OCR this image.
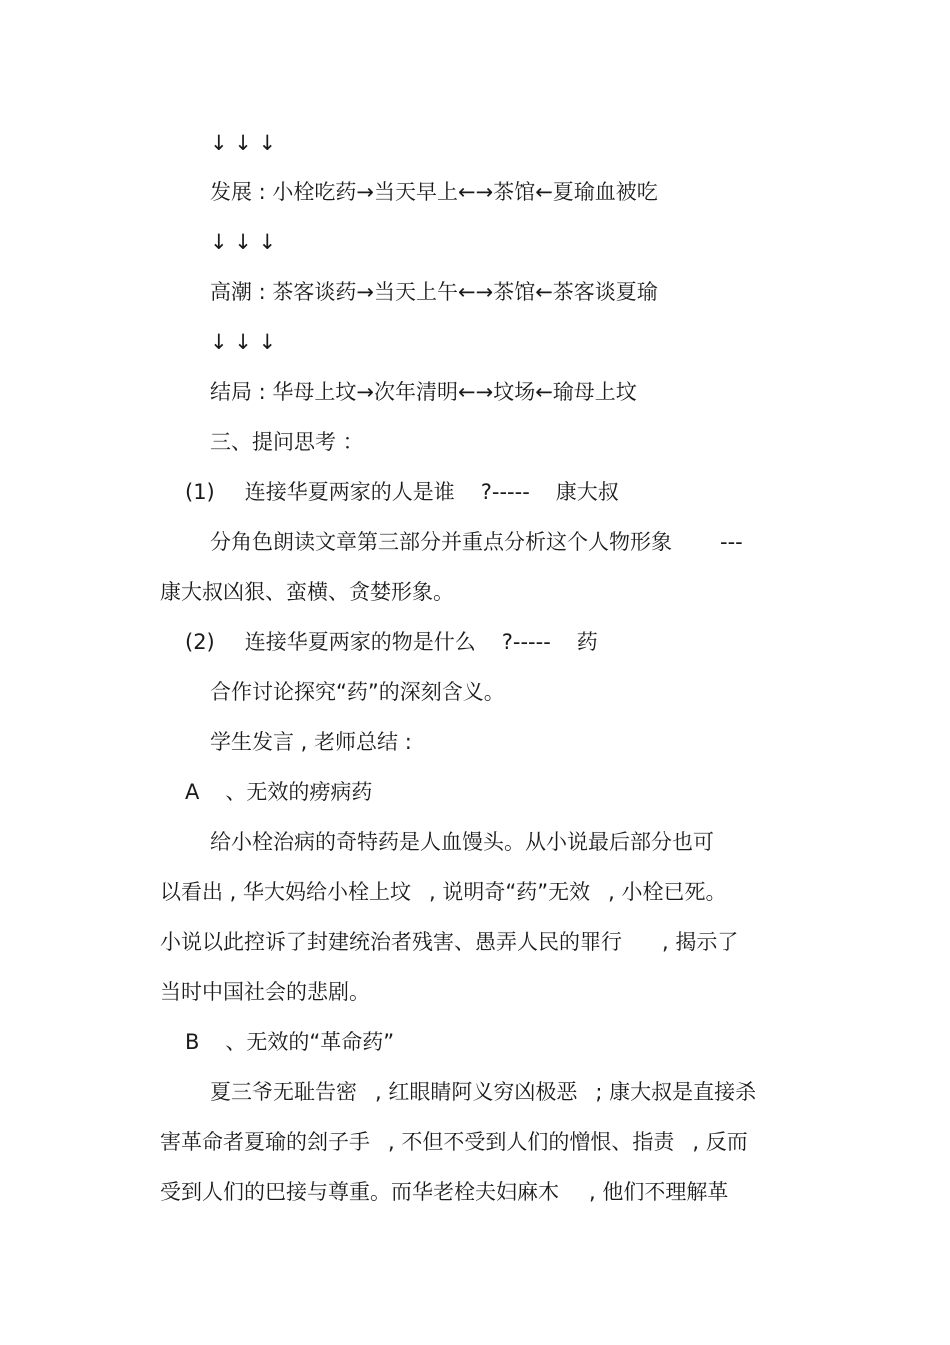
↓ ↓ ↓
发展 : 小栓吃药→当天早上←→茶馆←夏瑜血被吃
↓ ↓ ↓
高潮 : 茶客谈药→当天上午←→茶馆←茶客谈夏瑜
↓ ↓ ↓
结局 : 华母上坟→次年清明←→坟场←瑜母上坟
三、提问思考 ：
(1) 连接华夏两家的人是谁 ?----- 康大叔
分角色朗读文章第三部分并重点分析这个人物形象 ---
康大叔凶狠、蛮横、贪婪形象。
(2) 连接华夏两家的物是什么 ?----- 药
合作讨论探究“药”的深刻含义。
学生发言 , 老师总结 :
A 、无效的痨病药
给小栓治病的奇特药是人血馒头。从小说最后部分也可
以看出 , 华大妈给小栓上坟 , 说明奇“药”无效 , 小栓已死。
小说以此控诉了封建统治者残害、愚弄人民的罪行 , 揭示了
当时中国社会的悲剧。
B 、无效的“革命药”
夏三爷无耻告密 , 红眼睛阿义穷凶极恶 ; 康大叔是直接杀
害革命者夏瑜的刽子手 , 不但不受到人们的憎恨、指责 , 反而
受到人们的巴接与尊重。而华老栓夫妇麻木 , 他们不理解革
